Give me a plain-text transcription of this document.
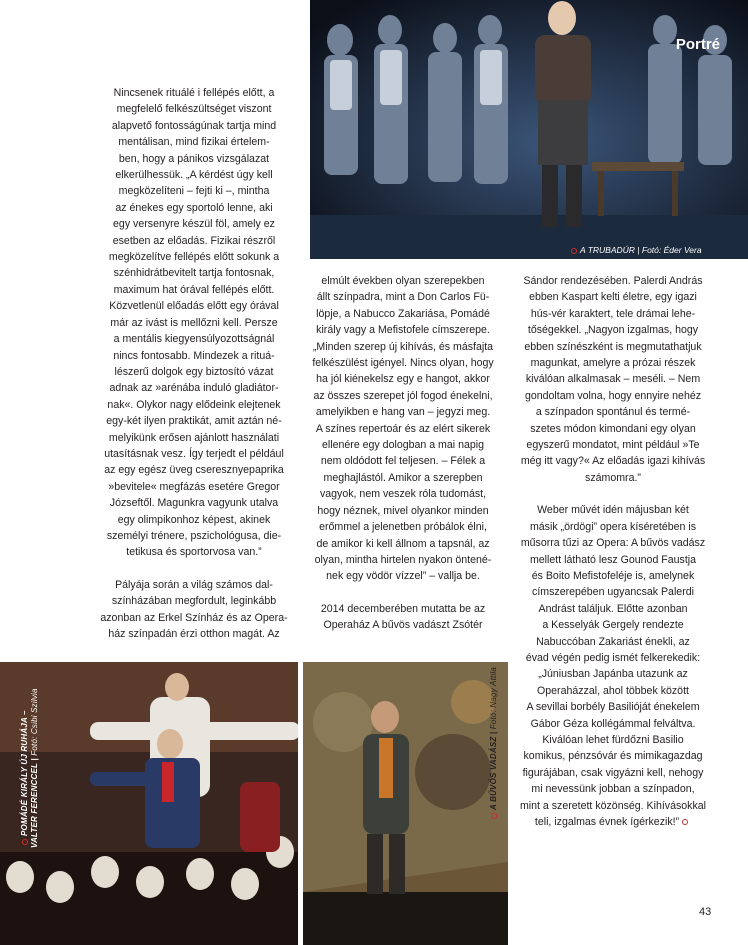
Portré
A TRUBADÚR | Fotó: Éder Vera

Nincsenek rituálé i fellépés előtt, a
megfelelő felkészültséget viszont
alapvető fontosságúnak tartja mind
mentálisan, mind fizikai értelem-
ben, hogy a pánikos vizsgálazat
elkerülhessük. „A kérdést úgy kell
megközelíteni – fejti ki –, mintha
az énekes egy sportoló lenne, aki
egy versenyre készül föl, amely ez
esetben az előadás. Fizikai részről
megközelítve fellépés előtt sokunk a
szénhidrátbevitelt tartja fontosnak,
maximum hat órával fellépés előtt.
Közvetlenül előadás előtt egy órával
már az ivást is mellőzni kell. Persze
a mentális kiegyensúlyozottságnál
nincs fontosabb. Mindezek a rituá-
lészerű dolgok egy biztosító vázat
adnak az »arénába induló gladiátor-
nak«. Olykor nagy elődeink elejtenek
egy-két ilyen praktikát, amit aztán né-
melyikünk erősen ajánlott használati
utasításnak vesz. Így terjedt el például
az egy egész üveg cseresznyepaprika
»bevitele« megfázás esetére Gregor
Józseftől. Magunkra vagyunk utalva
egy olimpikonhoz képest, akinek
személyi trénere, pszichológusa, die-
tetikusa és sportorvosa van.”

Pályája során a világ számos dal-
színházában megfordult, leginkább
azonban az Erkel Színház és az Opera-
ház színpadán érzi otthon magát. Az

elmúlt években olyan szerepekben
állt színpadra, mint a Don Carlos Fü-
löpje, a Nabucco Zakariása, Pomádé
király vagy a Mefistofele címszerepe.
„Minden szerep új kihívás, és másfajta
felkészülést igényel. Nincs olyan, hogy
ha jól kiénekelsz egy e hangot, akkor
az összes szerepet jól fogod énekelni,
amelyikben e hang van – jegyzi meg.
A színes repertoár és az elért sikerek
ellenére egy dologban a mai napig
nem oldódott fel teljesen. – Félek a
meghajlástól. Amikor a szerepben
vagyok, nem veszek róla tudomást,
hogy néznek, mivel olyankor minden
erőmmel a jelenetben próbálok élni,
de amikor ki kell állnom a tapsnál, az
olyan, mintha hirtelen nyakon öntené-
nek egy vödör vízzel” – vallja be.

2014 decemberében mutatta be az
Operaház A bűvös vadászt Zsótér

Sándor rendezésében. Palerdi András
ebben Kaspart kelti életre, egy igazi
hús-vér karaktert, tele drámai lehe-
tőségekkel. „Nagyon izgalmas, hogy
ebben színészként is megmutathatjuk
magunkat, amelyre a prózai részek
kiválóan alkalmasak – meséli. – Nem
gondoltam volna, hogy ennyire nehéz
a színpadon spontánul és termé-
szetes módon kimondani egy olyan
egyszerű mondatot, mint például »Te
még itt vagy?« Az előadás igazi kihívás
számomra.”

Weber művét idén májusban két
másik „ördögi” opera kíséretében is
műsorra tűzi az Opera: A bűvös vadász
mellett látható lesz Gounod Faustja
és Boito Mefistofeléje is, amelynek
címszerepében ugyancsak Palerdi
Andrást találjuk. Előtte azonban
a Kesselyák Gergely rendezte
Nabuccóban Zakariást énekli, az
évad végén pedig ismét felkerekedik:
„Júniusban Japánba utazunk az
Operaházzal, ahol többek között
A sevillai borbély Basilióját énekelem
Gábor Géza kollégámmal felváltva.
Kiválóan lehet fürdőzni Basilio
komikus, pénzsóvár és mimikagazdag
figurájában, csak vigyázni kell, nehogy
mi nevessünk jobban a színpadon,
mint a szeretett közönség. Kihívásokkal
teli, izgalmas évnek ígérkezik!”

POMÁDÉ KIRÁLY ÚJ RUHÁJA – VALTER FERENCCEL | Fotó: Csibi Szilvia
A BŰVÖS VADÁSZ | Fotó: Nagy Attila
43
